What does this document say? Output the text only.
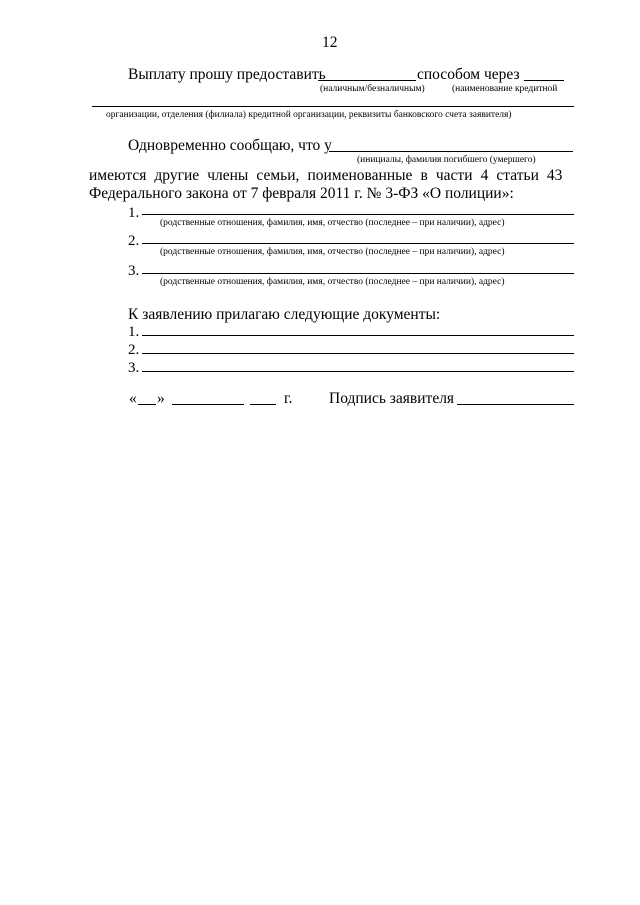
12
Выплату прошу предоставить	способом через
(наличным/безналичным)	(наименование кредитной
организации, отделения (филиала) кредитной организации, реквизиты банковского счета заявителя)
Одновременно сообщаю, что у
(инициалы, фамилия погибшего (умершего)
имеются другие члены семьи, поименованные в части 4 статьи 43
Федерального закона от 7 февраля 2011 г. № 3-ФЗ «О полиции»:
1.
(родственные отношения, фамилия, имя, отчество (последнее – при наличии), адрес)
2.
(родственные отношения, фамилия, имя, отчество (последнее – при наличии), адрес)
3.
(родственные отношения, фамилия, имя, отчество (последнее – при наличии), адрес)
К заявлению прилагаю следующие документы:
1.
2.
3.
« »	г. Подпись заявителя
